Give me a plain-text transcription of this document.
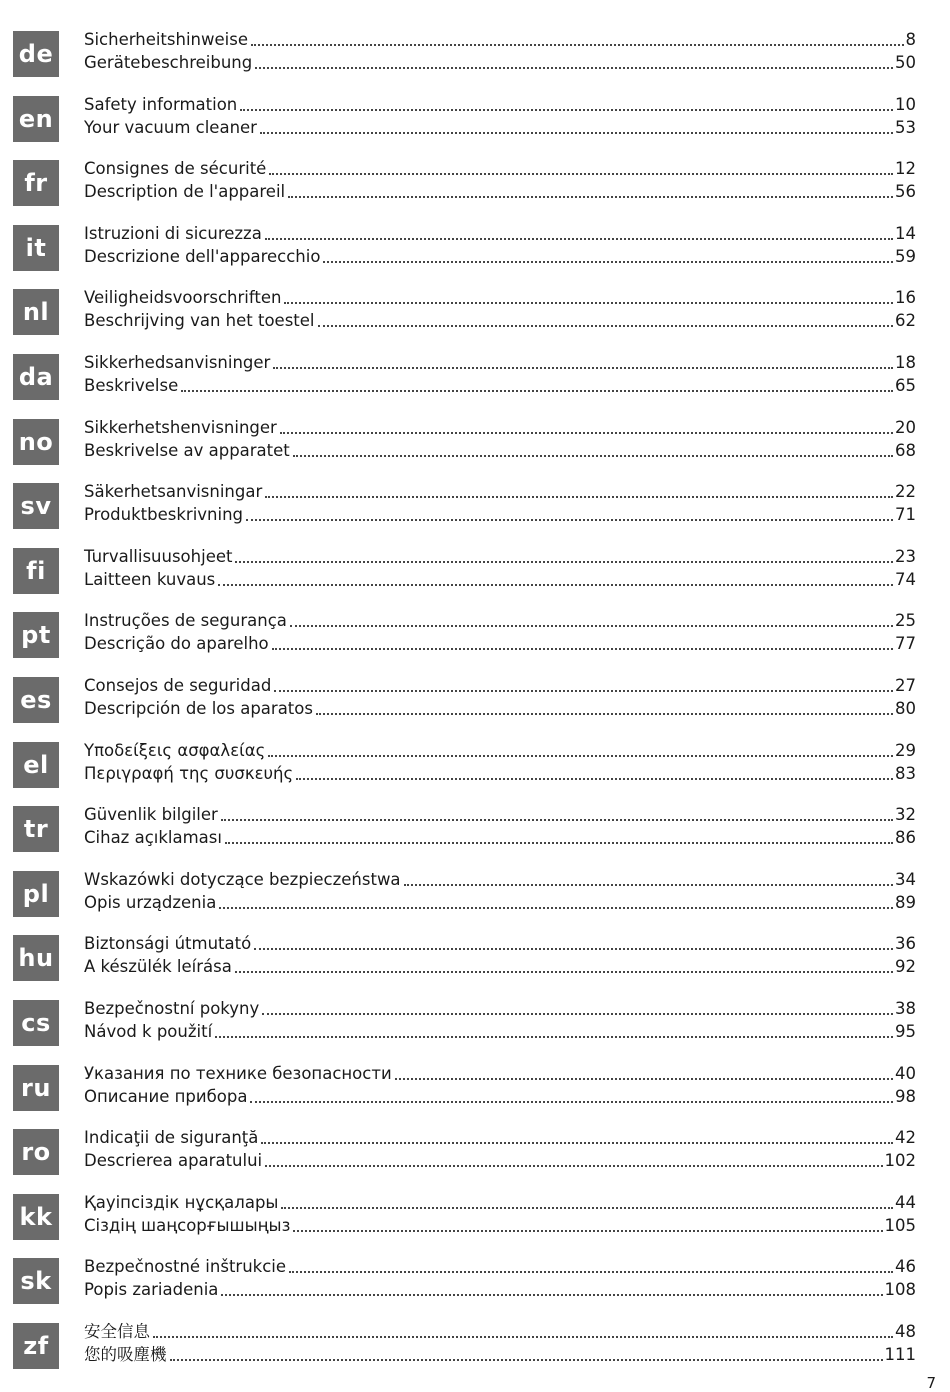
de
Sicherheitshinweise	8
Gerätebeschreibung	50
en
Safety information	10
Your vacuum cleaner	53
fr
Consignes de sécurité	12
Description de l'appareil	56
it
Istruzioni di sicurezza	14
Descrizione dell'apparecchio	59
nl
Veiligheidsvoorschriften	16
Beschrijving van het toestel	62
da
Sikkerhedsanvisninger	18
Beskrivelse	65
no
Sikkerhetshenvisninger	20
Beskrivelse av apparatet	68
sv
Säkerhetsanvisningar	22
Produktbeskrivning	71
fi
Turvallisuusohjeet	23
Laitteen kuvaus	74
pt
Instruções de segurança	25
Descrição do aparelho	77
es
Consejos de seguridad	27
Descripción de los aparatos	80
el
Υποδείξεις ασφαλείας	29
Περιγραφή της συσκευής	83
tr
Güvenlik bilgiler	32
Cihaz açıklaması	86
pl
Wskazówki dotyczące bezpieczeństwa	34
Opis urządzenia	89
hu
Biztonsági útmutató	36
A készülék leírása	92
cs
Bezpečnostní pokyny	38
Návod k použití	95
ru
Указания по технике безопасности	40
Описание прибора	98
ro
Indicaţii de siguranţă	42
Descrierea aparatului	102
kk
Қауіпсіздік нұсқалары	44
Сіздің шаңсорғышыңыз	105
sk
Bezpečnostné inštrukcie	46
Popis zariadenia	108
zf
安全信息	48
您的吸塵機	111
7
